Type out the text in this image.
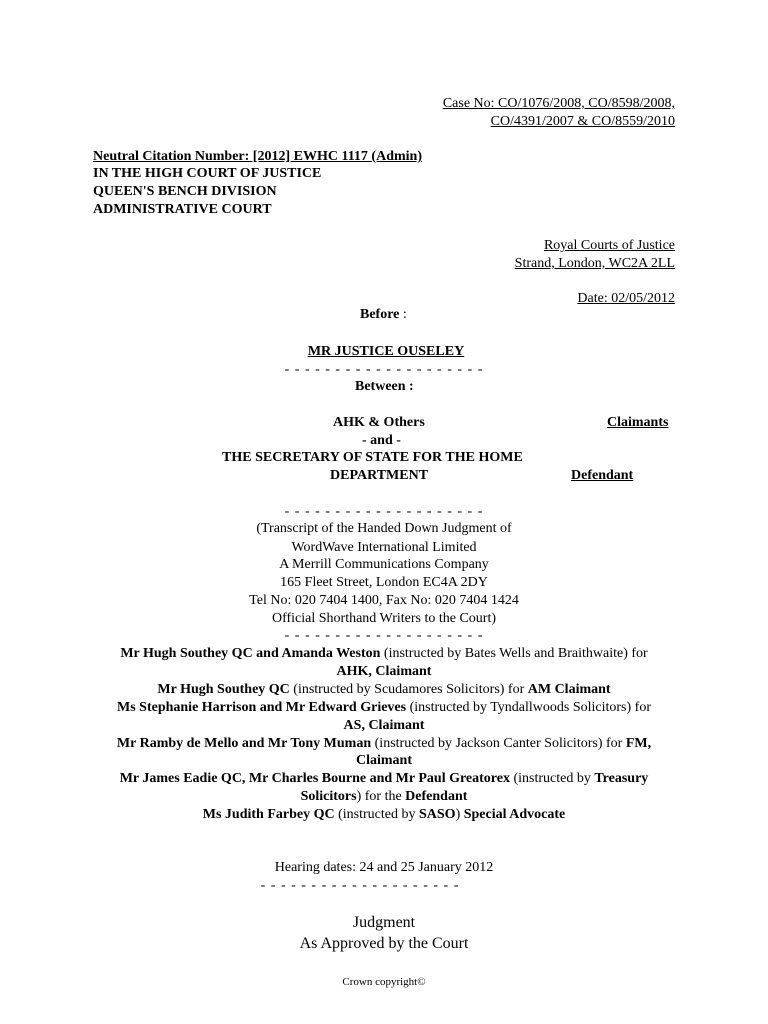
Case No: CO/1076/2008, CO/8598/2008,
CO/4391/2007 & CO/8559/2010
Neutral Citation Number: [2012] EWHC 1117 (Admin)
IN THE HIGH COURT OF JUSTICE
QUEEN'S BENCH DIVISION
ADMINISTRATIVE COURT
Royal Courts of Justice
Strand, London, WC2A 2LL
Date: 02/05/2012
Before :
MR JUSTICE OUSELEY
- - - - - - - - - - - - - - - - - - - -
Between :
AHK & Others	Claimants
- and -
THE SECRETARY OF STATE FOR THE HOME
DEPARTMENT	Defendant
- - - - - - - - - - - - - - - - - - - -
(Transcript of the Handed Down Judgment of
WordWave International Limited
A Merrill Communications Company
165 Fleet Street, London EC4A 2DY
Tel No: 020 7404 1400, Fax No: 020 7404 1424
Official Shorthand Writers to the Court)
- - - - - - - - - - - - - - - - - - - -
Mr Hugh Southey QC and Amanda Weston (instructed by Bates Wells and Braithwaite) for
AHK, Claimant
Mr Hugh Southey QC (instructed by Scudamores Solicitors) for AM Claimant
Ms Stephanie Harrison and Mr Edward Grieves (instructed by Tyndallwoods Solicitors) for
AS, Claimant
Mr Ramby de Mello and Mr Tony Muman (instructed by Jackson Canter Solicitors) for FM,
Claimant
Mr James Eadie QC, Mr Charles Bourne and Mr Paul Greatorex (instructed by Treasury
Solicitors) for the Defendant
Ms Judith Farbey QC (instructed by SASO) Special Advocate
Hearing dates: 24 and 25 January 2012
- - - - - - - - - - - - - - - - - - - -
Judgment
As Approved by the Court
Crown copyright©
